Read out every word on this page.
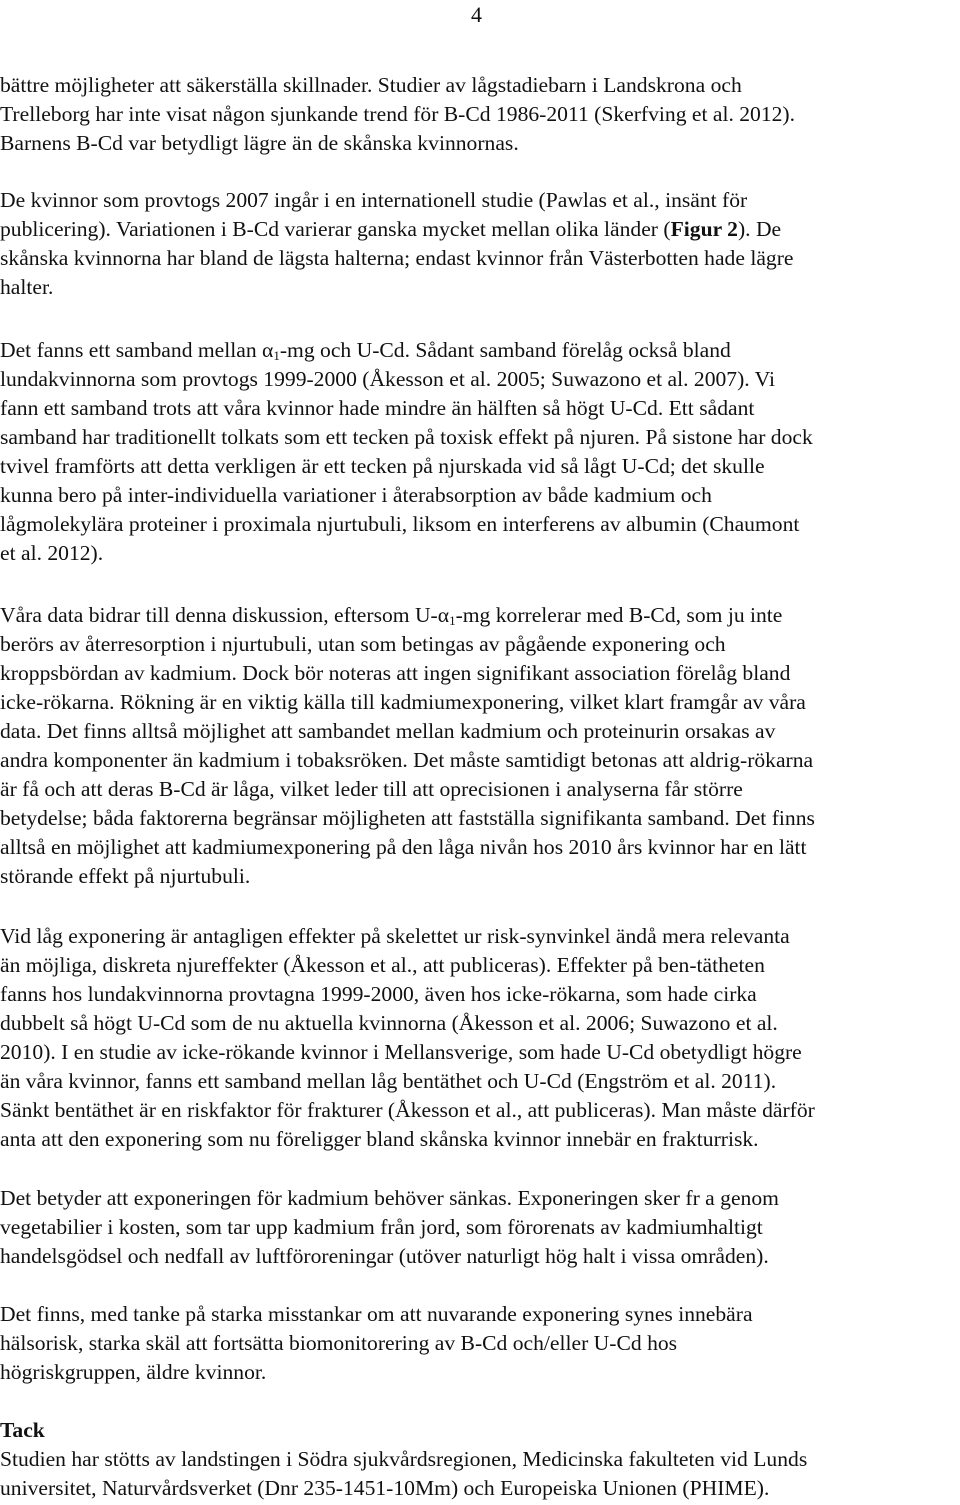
4
bättre möjligheter att säkerställa skillnader. Studier av lågstadiebarn i Landskrona och
Trelleborg har inte visat någon sjunkande trend för B-Cd 1986-2011 (Skerfving et al. 2012).
Barnens B-Cd var betydligt lägre än de skånska kvinnornas.
De kvinnor som provtogs 2007 ingår i en internationell studie (Pawlas et al., insänt för
publicering). Variationen i B-Cd varierar ganska mycket mellan olika länder (Figur 2). De
skånska kvinnorna har bland de lägsta halterna; endast kvinnor från Västerbotten hade lägre
halter.
Det fanns ett samband mellan $\alpha_1-mg$ och U-Cd. Sådant samband förelåg också bland
lundakvinnorna som provtogs 1999-2000 (Åkesson et al. 2005; Suwazono et al. 2007). Vi
fann ett samband trots att våra kvinnor hade mindre än hälften så högt U-Cd. Ett sådant
samband har traditionellt tolkats som ett tecken på toxisk effekt på njuren. På sistone har dock
tvivel framförts att detta verkligen är ett tecken på njurskada vid så lågt U-Cd; det skulle
kunna bero på inter-individuella variationer i återabsorption av både kadmium och
lågmolekylära proteiner i proximala njurtubuli, liksom en interferens av albumin (Chaumont
et al. 2012).
Våra data bidrar till denna diskussion, eftersom $U-\alpha_1-mg$ korrelerar med B-Cd, som ju inte
berörs av återresorption i njurtubuli, utan som betingas av pågående exponering och
kroppsbördan av kadmium. Dock bör noteras att ingen signifikant association förelåg bland
icke-rökarna. Rökning är en viktig källa till kadmiumexponering, vilket klart framgår av våra
data. Det finns alltså möjlighet att sambandet mellan kadmium och proteinurin orsakas av
andra komponenter än kadmium i tobaksröken. Det måste samtidigt betonas att aldrig-rökarna
är få och att deras B-Cd är låga, vilket leder till att oprecisionen i analyserna får större
betydelse; båda faktorerna begränsar möjligheten att fastställa signifikanta samband. Det finns
alltså en möjlighet att kadmiumexponering på den låga nivån hos 2010 års kvinnor har en lätt
störande effekt på njurtubuli.
Vid låg exponering är antagligen effekter på skelettet ur risk-synvinkel ändå mera relevanta
än möjliga, diskreta njureffekter (Åkesson et al., att publiceras). Effekter på ben-tätheten
fanns hos lundakvinnorna provtagna 1999-2000, även hos icke-rökarna, som hade cirka
dubbelt så högt U-Cd som de nu aktuella kvinnorna (Åkesson et al. 2006; Suwazono et al.
2010). I en studie av icke-rökande kvinnor i Mellansverige, som hade U-Cd obetydligt högre
än våra kvinnor, fanns ett samband mellan låg bentäthet och U-Cd (Engström et al. 2011).
Sänkt bentäthet är en riskfaktor för frakturer (Åkesson et al., att publiceras). Man måste därför
anta att den exponering som nu föreligger bland skånska kvinnor innebär en frakturrisk.
Det betyder att exponeringen för kadmium behöver sänkas. Exponeringen sker fr a genom
vegetabilier i kosten, som tar upp kadmium från jord, som förorenats av kadmiumhaltigt
handelsgödsel och nedfall av luftföroreningar (utöver naturligt hög halt i vissa områden).
Det finns, med tanke på starka misstankar om att nuvarande exponering synes innebära
hälsorisk, starka skäl att fortsätta biomonitorering av B-Cd och/eller U-Cd hos
högriskgruppen, äldre kvinnor.
Tack
Studien har stötts av landstingen i Södra sjukvårdsregionen, Medicinska fakulteten vid Lunds
universitet, Naturvårdsverket (Dnr 235-1451-10Mm) och Europeiska Unionen (PHIME).
